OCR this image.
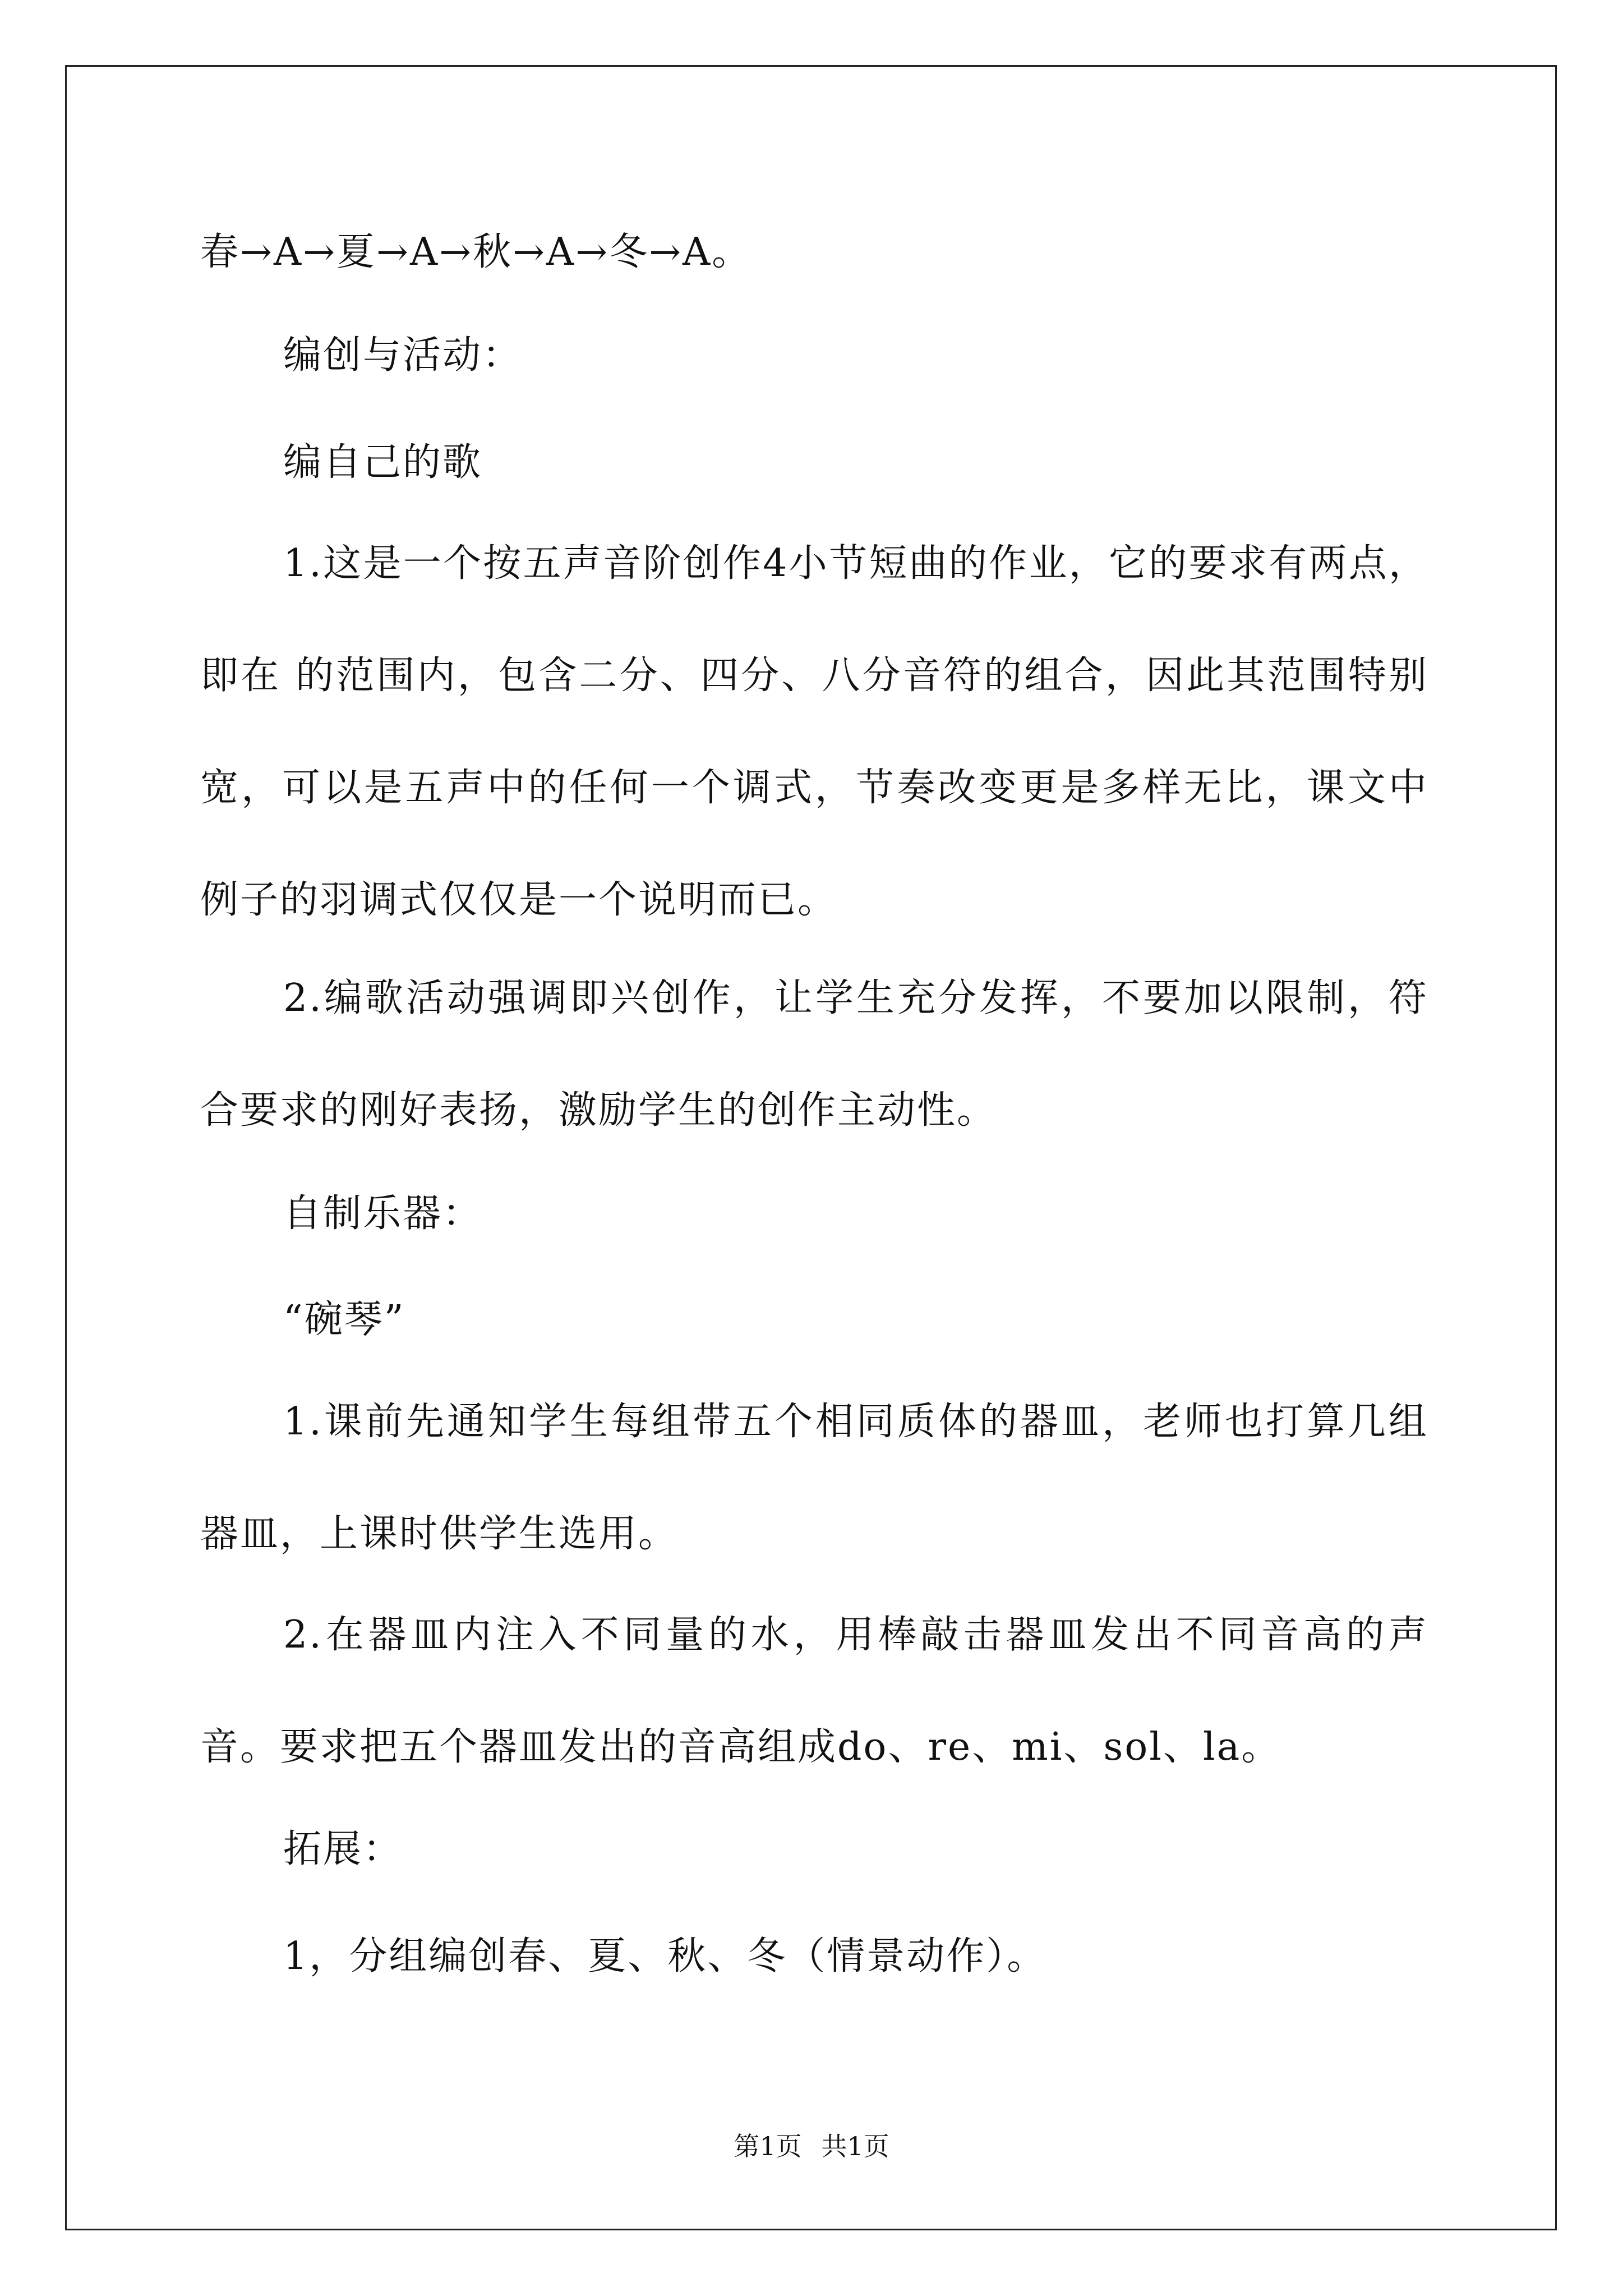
春→A→夏→A→秋→A→冬→A。
编创与活动：
编自己的歌
1.这是一个按五声音阶创作4小节短曲的作业，它的要求有两点，即在 的范围内，包含二分、四分、八分音符的组合，因此其范围特别宽，可以是五声中的任何一个调式，节奏改变更是多样无比，课文中例子的羽调式仅仅是一个说明而已。
2.编歌活动强调即兴创作，让学生充分发挥，不要加以限制，符合要求的刚好表扬，激励学生的创作主动性。
自制乐器：
“碗琴”
1.课前先通知学生每组带五个相同质体的器皿，老师也打算几组器皿，上课时供学生选用。
2.在器皿内注入不同量的水，用棒敲击器皿发出不同音高的声音。要求把五个器皿发出的音高组成do、re、mi、sol、la。
拓展：
1，分组编创春、夏、秋、冬（情景动作）。
第1页 共1页
